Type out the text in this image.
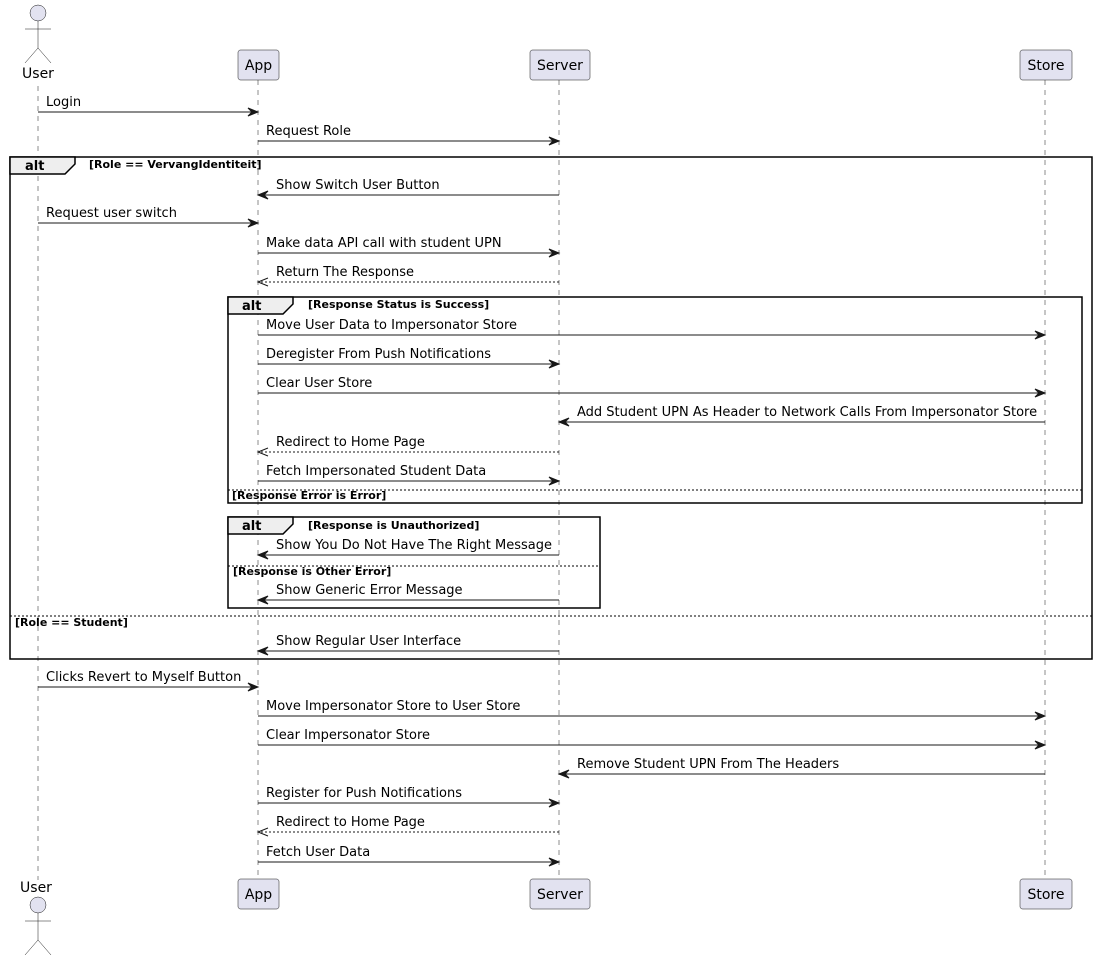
User	App	Server	Store
User	App	Server	Store
alt	[Role == VervangIdentiteit]
[Role == Student]
alt	[Response Status is Success]
[Response Error is Error]
alt	[Response is Unauthorized]
[Response is Other Error]
Login
Request Role
Show Switch User Button
Request user switch
Make data API call with student UPN
Return The Response
Move User Data to Impersonator Store
Deregister From Push Notifications
Clear User Store
Add Student UPN As Header to Network Calls From Impersonator Store
Redirect to Home Page
Fetch Impersonated Student Data
Show You Do Not Have The Right Message
Show Generic Error Message
Show Regular User Interface
Clicks Revert to Myself Button
Move Impersonator Store to User Store
Clear Impersonator Store
Remove Student UPN From The Headers
Register for Push Notifications
Redirect to Home Page
Fetch User Data
